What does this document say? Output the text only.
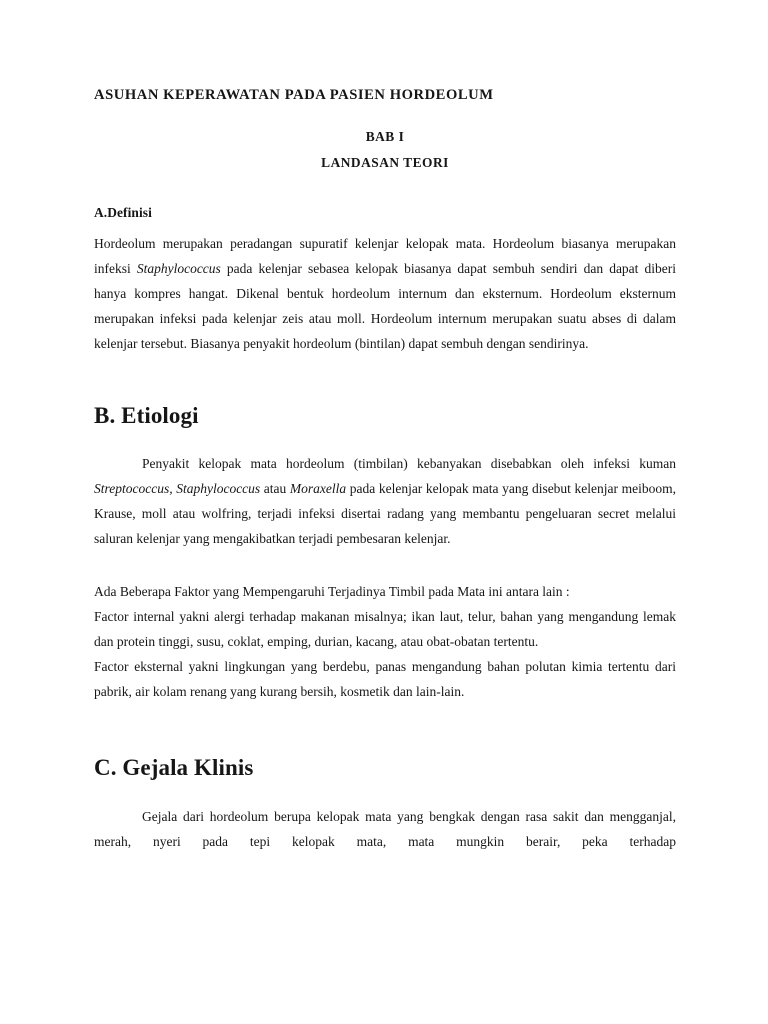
ASUHAN KEPERAWATAN PADA PASIEN HORDEOLUM
BAB I
LANDASAN TEORI
A.Definisi

Hordeolum merupakan peradangan supuratif kelenjar kelopak mata. Hordeolum biasanya merupakan infeksi Staphylococcus pada kelenjar sebasea kelopak biasanya dapat sembuh sendiri dan dapat diberi hanya kompres hangat. Dikenal bentuk hordeolum internum dan eksternum. Hordeolum eksternum merupakan infeksi pada kelenjar zeis atau moll. Hordeolum internum merupakan suatu abses di dalam kelenjar tersebut. Biasanya penyakit hordeolum (bintilan) dapat sembuh dengan sendirinya.

B. Etiologi

Penyakit kelopak mata hordeolum (timbilan) kebanyakan disebabkan oleh infeksi kuman Streptococcus, Staphylococcus atau Moraxella pada kelenjar kelopak mata yang disebut kelenjar meiboom, Krause, moll atau wolfring, terjadi infeksi disertai radang yang membantu pengeluaran secret melalui saluran kelenjar yang mengakibatkan terjadi pembesaran kelenjar.

Ada Beberapa Faktor yang Mempengaruhi Terjadinya Timbil pada Mata ini antara lain :

Factor internal yakni alergi terhadap makanan misalnya; ikan laut, telur, bahan yang mengandung lemak dan protein tinggi, susu, coklat, emping, durian, kacang, atau obat-obatan tertentu.

Factor eksternal yakni lingkungan yang berdebu, panas mengandung bahan polutan kimia tertentu dari pabrik, air kolam renang yang kurang bersih, kosmetik dan lain-lain.

C. Gejala Klinis

Gejala dari hordeolum berupa kelopak mata yang bengkak dengan rasa sakit dan mengganjal, merah, nyeri pada tepi kelopak mata, mata mungkin berair, peka terhadap
